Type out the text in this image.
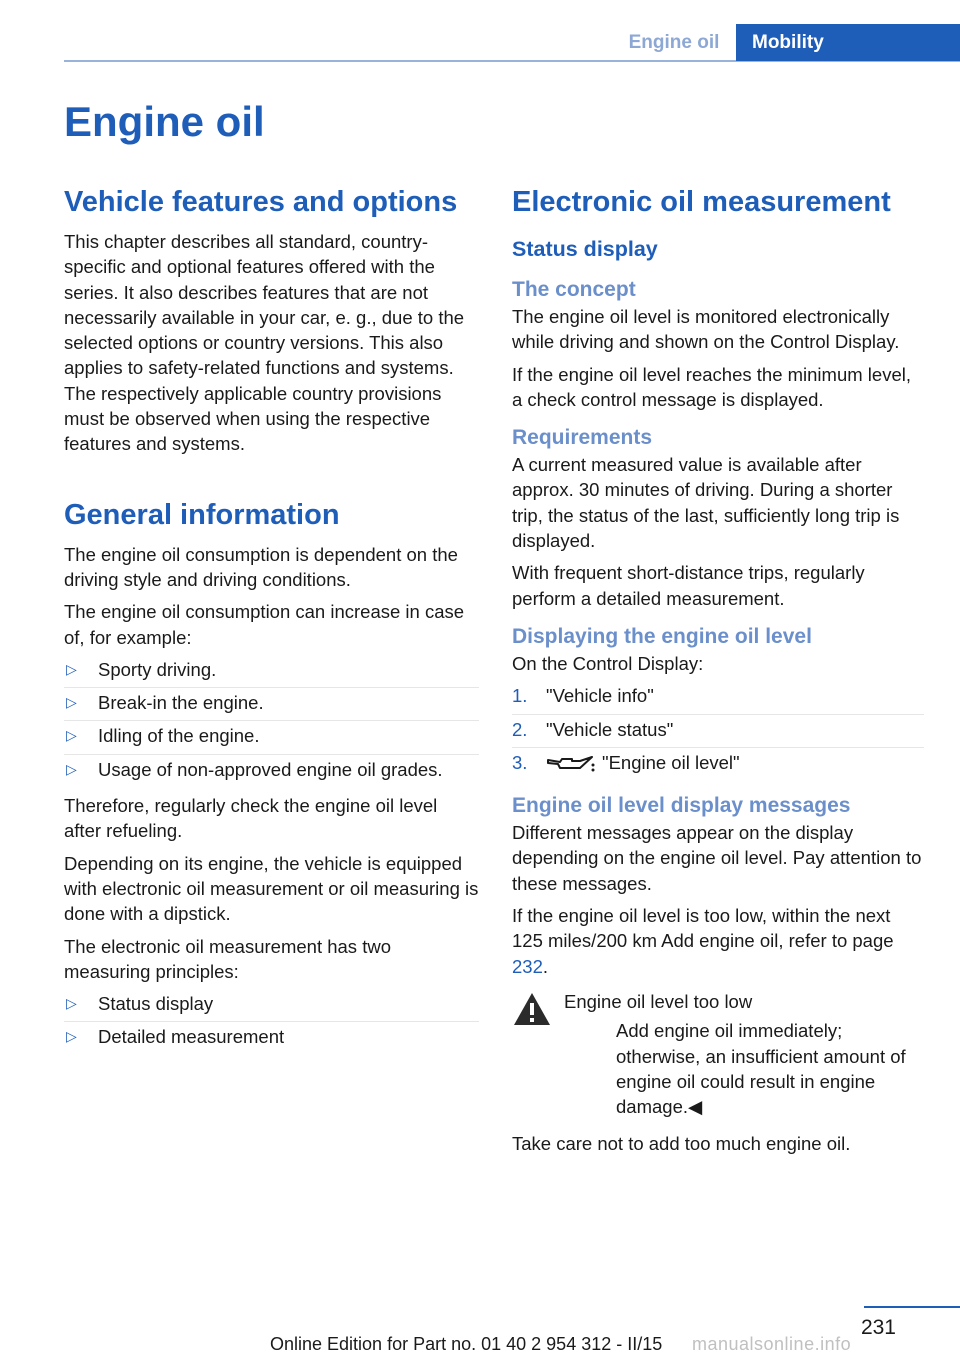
Engine oil	Mobility
Engine oil
Vehicle features and options

This chapter describes all standard, country-specific and optional features offered with the series. It also describes features that are not necessarily available in your car, e. g., due to the selected options or country versions. This also applies to safety-related functions and systems. The respectively applicable country provisions must be observed when using the respective features and systems.

General information

The engine oil consumption is dependent on the driving style and driving conditions.

The engine oil consumption can increase in case of, for example:

▷ Sporty driving.
▷ Break-in the engine.
▷ Idling of the engine.
▷ Usage of non-approved engine oil grades.

Therefore, regularly check the engine oil level after refueling.

Depending on its engine, the vehicle is equipped with electronic oil measurement or oil measuring is done with a dipstick.

The electronic oil measurement has two measuring principles:

▷ Status display
▷ Detailed measurement
Electronic oil measurement
Status display
The concept

The engine oil level is monitored electronically while driving and shown on the Control Display.

If the engine oil level reaches the minimum level, a check control message is displayed.

Requirements

A current measured value is available after approx. 30 minutes of driving. During a shorter trip, the status of the last, sufficiently long trip is displayed.

With frequent short-distance trips, regularly perform a detailed measurement.

Displaying the engine oil level

On the Control Display:

1. "Vehicle info"
2. "Vehicle status"
3.	"Engine oil level"
Engine oil level display messages

Different messages appear on the display depending on the engine oil level. Pay attention to these messages.

If the engine oil level is too low, within the next 125 miles/200 km Add engine oil, refer to page 232.

Engine oil level too low

Add engine oil immediately; otherwise, an insufficient amount of engine oil could result in engine damage.◀

Take care not to add too much engine oil.

231
Online Edition for Part no. 01 40 2 954 312 - II/15 manualsonline.info
